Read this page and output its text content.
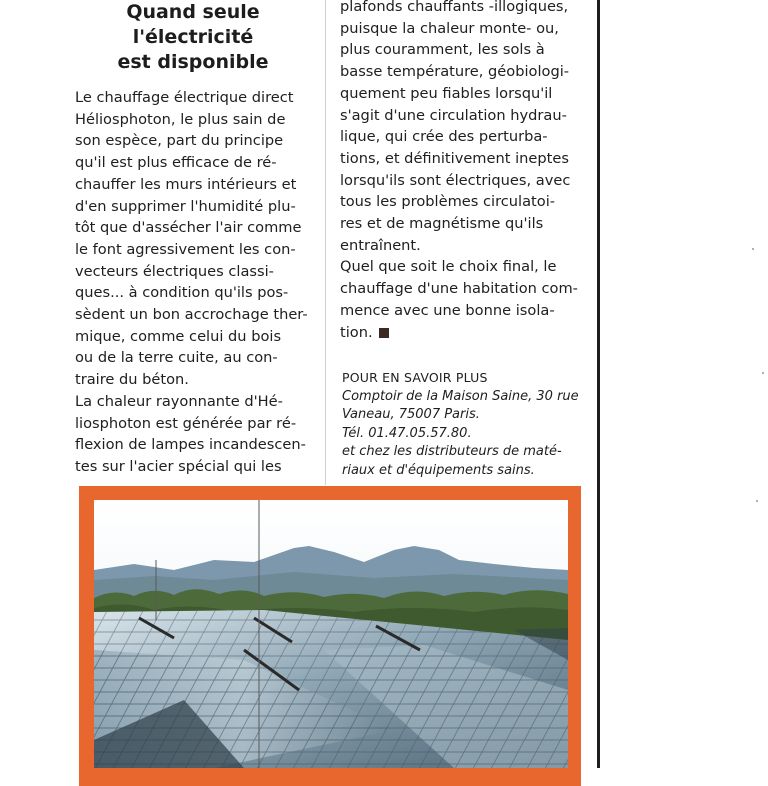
Quand seule
l'électricité
est disponible
Le chauffage électrique direct
Héliosphoton, le plus sain de
son espèce, part du principe
qu'il est plus efficace de ré-
chauffer les murs intérieurs et
d'en supprimer l'humidité plu-
tôt que d'assécher l'air comme
le font agressivement les con-
vecteurs électriques classi-
ques... à condition qu'ils pos-
sèdent un bon accrochage ther-
mique, comme celui du bois
ou de la terre cuite, au con-
traire du béton.
La chaleur rayonnante d'Hé-
liosphoton est générée par ré-
flexion de lampes incandescen-
tes sur l'acier spécial qui les
plafonds chauffants -illogiques,
puisque la chaleur monte- ou,
plus couramment, les sols à
basse température, géobiologi-
quement peu fiables lorsqu'il
s'agit d'une circulation hydrau-
lique, qui crée des perturba-
tions, et définitivement ineptes
lorsqu'ils sont électriques, avec
tous les problèmes circulatoi-
res et de magnétisme qu'ils
entraînent.
Quel que soit le choix final, le
chauffage d'une habitation com-
mence avec une bonne isola-
tion.
POUR EN SAVOIR PLUS
Comptoir de la Maison Saine, 30 rue
Vaneau, 75007 Paris.
Tél. 01.47.05.57.80.
et chez les distributeurs de maté-
riaux et d'équipements sains.
